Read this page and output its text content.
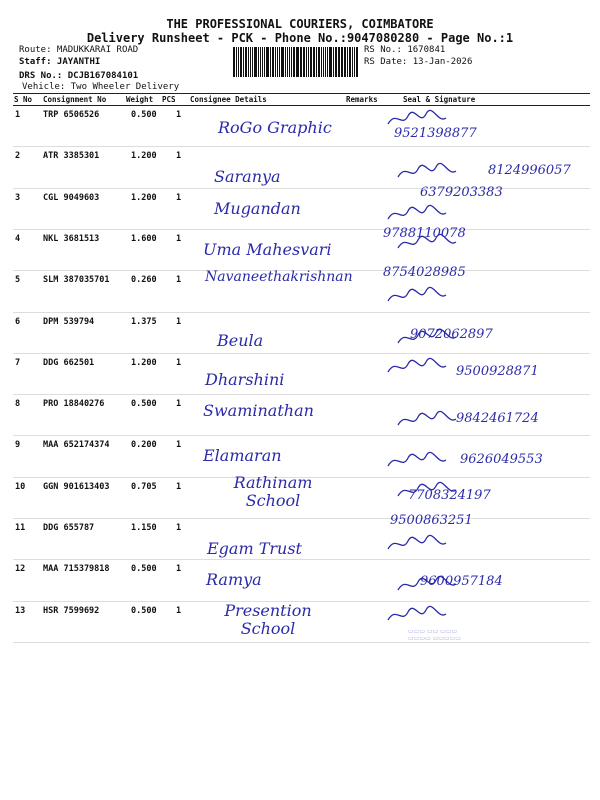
THE PROFESSIONAL COURIERS, COIMBATORE
Delivery Runsheet - PCK - Phone No.:9047080280 - Page No.:1
Route: MADUKKARAI ROAD
Staff: JAYANTHI
DRS No.: DCJB167084101
Vehicle: Two Wheeler Delivery
RS No.: 1670841
RS Date: 13-Jan-2026
S No Consignment No	Weight PCS Consignee Details	Remarks	Seal & Signature
1	TRP 6506526	0.500 1
RoGo Graphic	9521398877
2	ATR 3385301	1.200 1
Saranya	8124996057
3	CGL 9049603	1.200 1
Mugandan
6379203383
4	NKL 3681513	1.600 1
Uma Mahesvari
9788110078
5	SLM 387035701	0.260 1 Navaneethakrishnan 8754028985
6	DPM 539794	1.375 1
Beula	9072062897
7	DDG 662501	1.200 1
Dharshini	9500928871
8	PRO 18840276	0.500 1 Swaminathan	9842461724
9	MAA 652174374	0.200 1
Elamaran	9626049553
10 GGN 901613403	0.705 1	Rathinam School	7708324197
11 DDG 655787	1.150 1
Egam Trust
9500863251
12 MAA 715379818	0.500 1
Ramya	9600957184
13 HSR 7599692	0.500 1	Presention School	▭▭▭ ▭▭ ▭▭▭
▭▭▭▭ ▭▭▭▭▭
